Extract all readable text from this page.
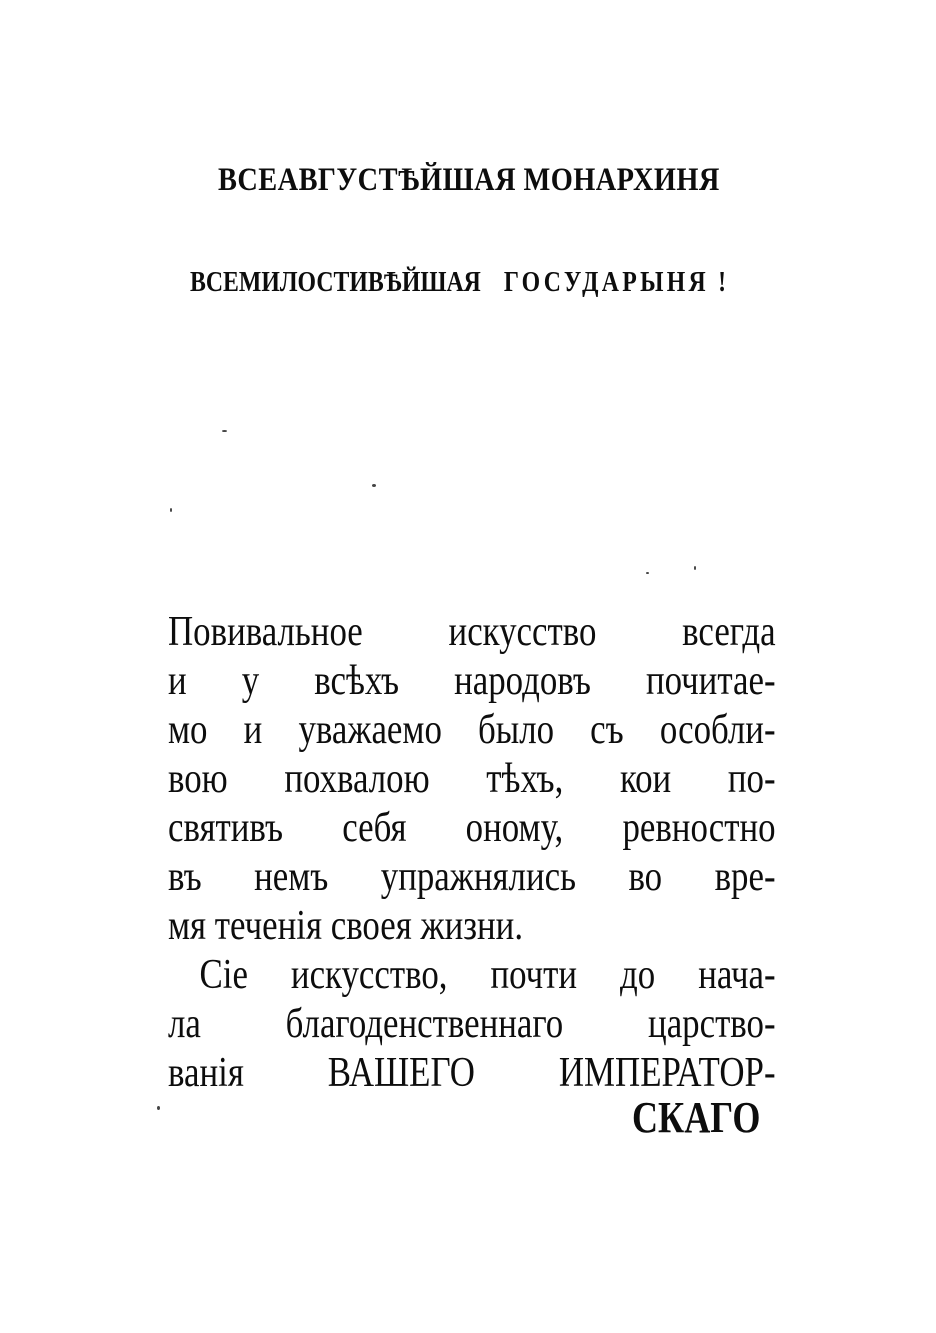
ВСЕАВГУСТѢЙШАЯ МОНАРХИНЯ
ВСЕМИЛОСТИВѢЙШАЯ ГОСУДАРЫНЯ !
Повивальное искусство всегда
и у всѣхъ народовъ почитае-
мо и уважаемо было съ особли-
вою похвалою тѣхъ, кои по-
святивъ себя оному, ревностно
въ немъ упражнялись во вре-
мя теченія своея жизни.
Сіе искусство, почти до нача-
ла благоденственнаго царство-
ванія ВАШЕГО ИМПЕРАТОР-
СКАГО
